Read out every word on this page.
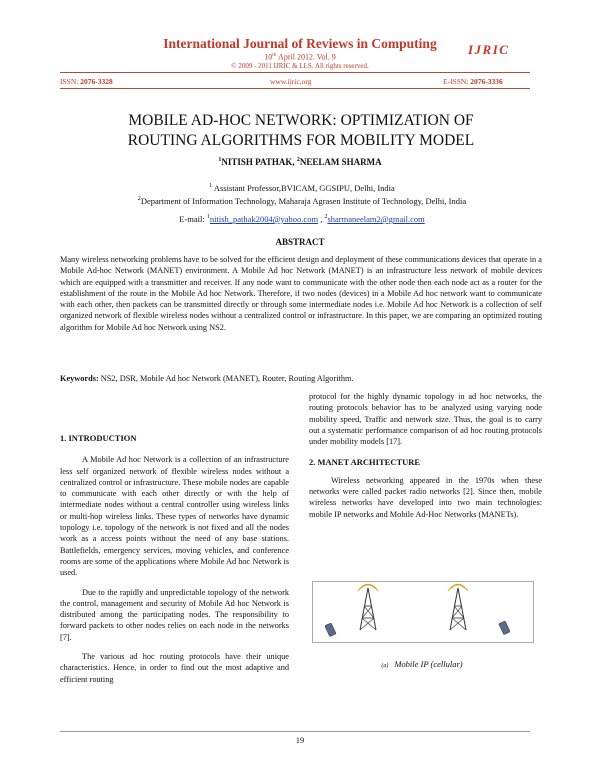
International Journal of Reviews in Computing
10th April 2012. Vol. 9
© 2009 - 2011 IJRIC & LLS. All rights reserved.
IJRIC
ISSN: 2076-3328	www.ijric.org	E-ISSN: 2076-3336
MOBILE AD-HOC NETWORK: OPTIMIZATION OF
ROUTING ALGORITHMS FOR MOBILITY MODEL
$^1$NITISH PATHAK, $^2$NEELAM SHARMA
$^1$ Assistant Professor,BVICAM, GGSIPU, Delhi, India
$^2$Department of Information Technology, Maharaja Agrasen Institute of Technology, Delhi, India
E-mail: $^1$nitish_pathak2004@yahoo.com , $^2$sharmaneelam2@gmail.com
ABSTRACT
Many wireless networking problems have to be solved for the efficient design and deployment of these communications devices that operate in a Mobile Ad-hoc Network (MANET) environment. A Mobile Ad hoc Network (MANET) is an infrastructure less network of mobile devices which are equipped with a transmitter and receiver. If any node want to communicate with the other node then each node act as a router for the establishment of the route in the Mobile Ad hoc Network. Therefore, if two nodes (devices) in a Mobile Ad hoc network want to communicate with each other, then packets can be transmitted directly or through some intermediate nodes i.e. Mobile Ad hoc Network is a collection of self organized network of flexible wireless nodes without a centralized control or infrastructure. In this paper, we are comparing an optimized routing algorithm for Mobile Ad hoc Network using NS2.
Keywords: NS2, DSR, Mobile Ad hoc Network (MANET), Router, Routing Algorithm.

1. INTRODUCTION

A Mobile Ad hoc Network is a collection of an infrastructure less self organized network of flexible wireless nodes without a centralized control or infrastructure. These mobile nodes are capable to communicate with each other directly or with the help of intermediate nodes without a central controller using wireless links or multi-hop wireless links. These types of networks have dynamic topology i.e. topology of the network is not fixed and all the nodes work as a access points without the need of any base stations. Battlefields, emergency services, moving vehicles, and conference rooms are some of the applications where Mobile Ad hoc Network is used.

Due to the rapidly and unpredictable topology of the network the control, management and security of Mobile Ad hoc Network is distributed among the participating nodes. The responsibility to forward packets to other nodes relies on each node in the networks [7].

The various ad hoc routing protocols have their unique characteristics. Hence, in order to find out the most adaptive and efficient routing

protocol for the highly dynamic topology in ad hoc networks, the routing protocols behavior has to be analyzed using varying node mobility speed, Traffic and network size. Thus, the goal is to carry out a systematic performance comparison of ad hoc routing protocols under mobility models [17].

2. MANET ARCHITECTURE

Wireless networking appeared in the 1970s when these networks were called packet radio networks [2]. Since then, mobile wireless networks have developed into two main technologies: mobile IP networks and Mobile Ad-Hoc Networks (MANETs).

(a) Mobile IP (cellular)
19
